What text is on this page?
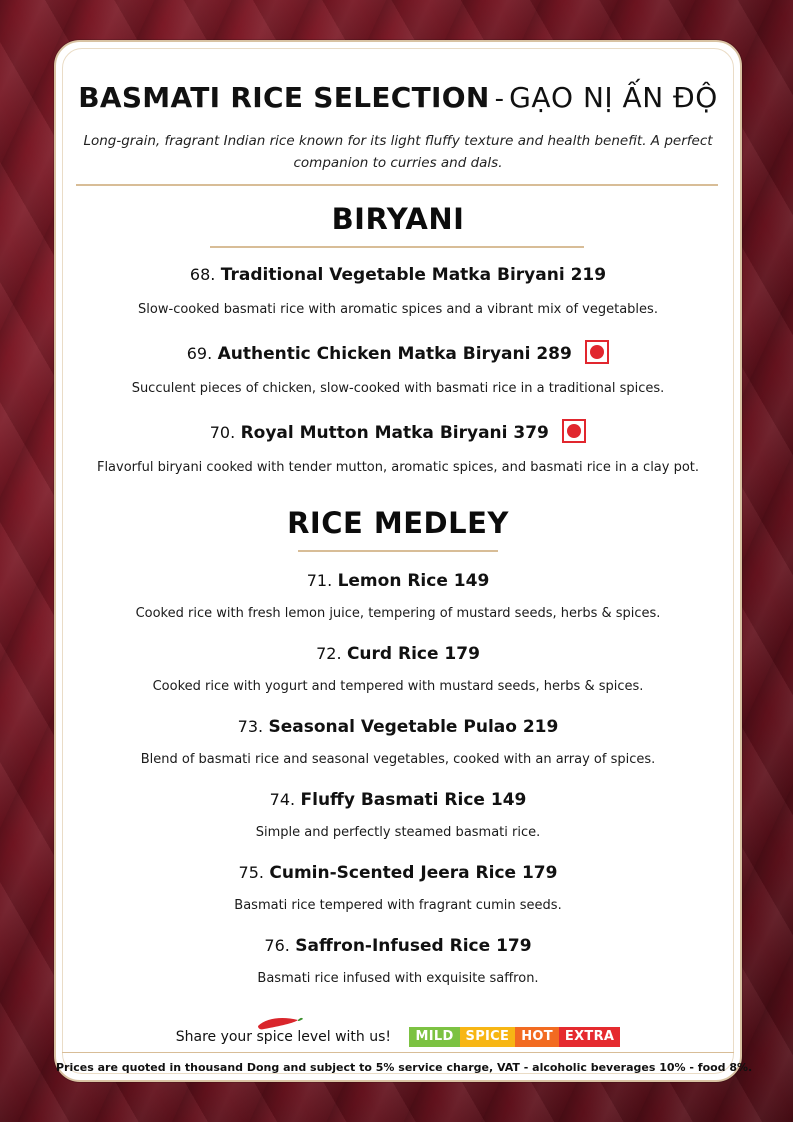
BASMATI RICE SELECTION - GẠO NỊ ẤN ĐỘ

Long-grain, fragrant Indian rice known for its light fluffy texture and health benefit. A perfect companion to curries and dals.

BIRYANI
68. Traditional Vegetable Matka Biryani 219
Slow-cooked basmati rice with aromatic spices and a vibrant mix of vegetables.
69. Authentic Chicken Matka Biryani 289
Succulent pieces of chicken, slow-cooked with basmati rice in a traditional spices.
70. Royal Mutton Matka Biryani 379
Flavorful biryani cooked with tender mutton, aromatic spices, and basmati rice in a clay pot.
RICE MEDLEY
71. Lemon Rice 149
Cooked rice with fresh lemon juice, tempering of mustard seeds, herbs & spices.
72. Curd Rice 179
Cooked rice with yogurt and tempered with mustard seeds, herbs & spices.
73. Seasonal Vegetable Pulao 219
Blend of basmati rice and seasonal vegetables, cooked with an array of spices.
74. Fluffy Basmati Rice 149
Simple and perfectly steamed basmati rice.
75. Cumin-Scented Jeera Rice 179
Basmati rice tempered with fragrant cumin seeds.
76. Saffron-Infused Rice 179
Basmati rice infused with exquisite saffron.
Share your spice level with us!	MILD SPICE HOT EXTRA
Prices are quoted in thousand Dong and subject to 5% service charge, VAT - alcoholic beverages 10% - food 8%.
